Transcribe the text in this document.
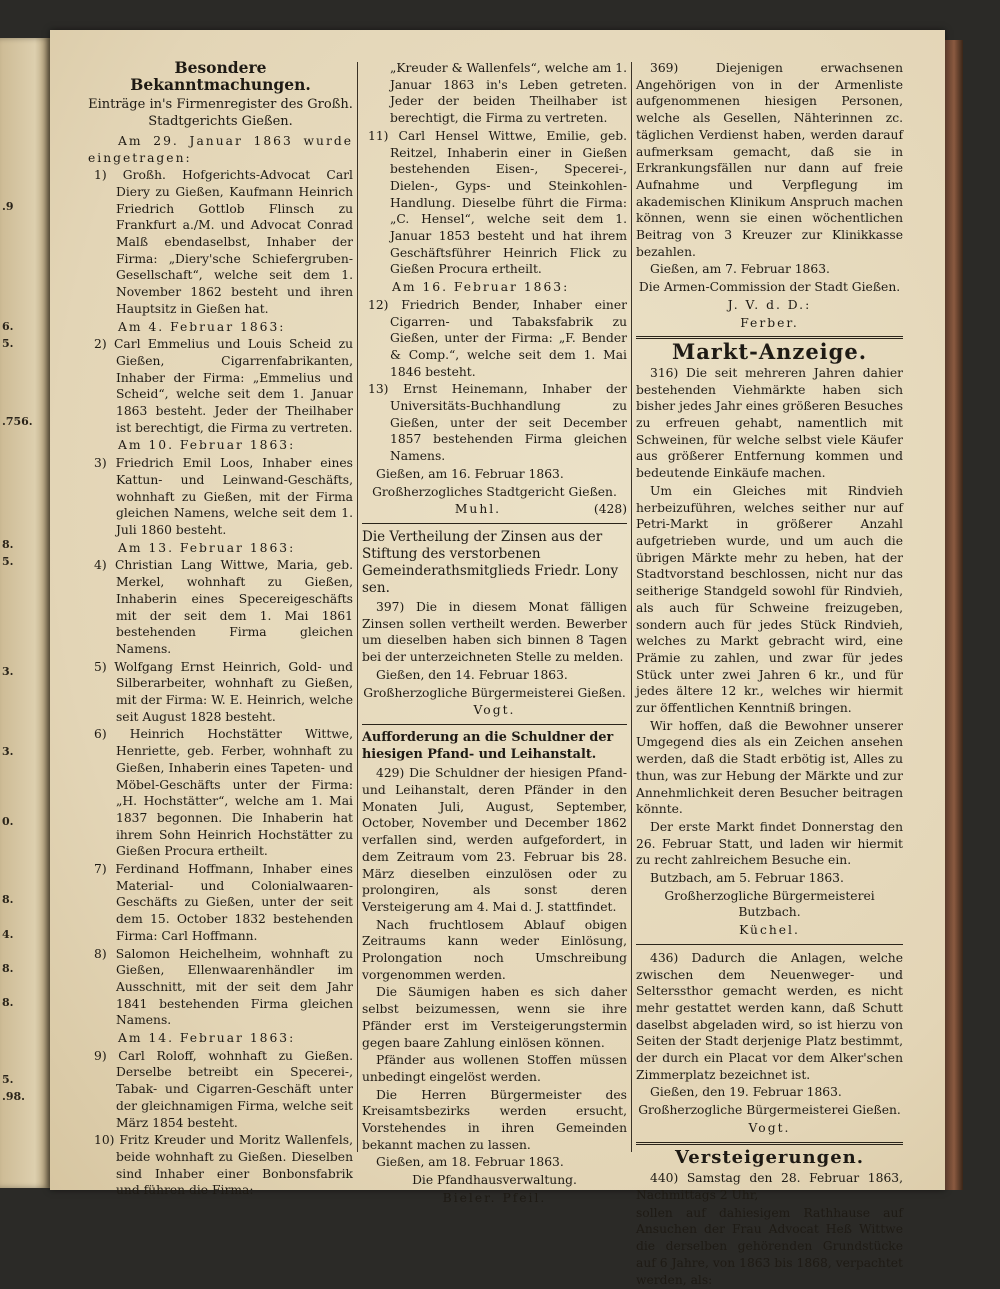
.9
6.
5.
.756.
8.
5.
3.
3.
0.
8.
4.
8.
8.
5.
.98.
Besondere Bekanntmachungen.
Einträge in's Firmenregister des Großh. Stadtgerichts Gießen.

Am 29. Januar 1863 wurde eingetragen:

1) Großh. Hofgerichts-Advocat Carl Diery zu Gießen, Kaufmann Heinrich Friedrich Gottlob Flinsch zu Frankfurt a./M. und Advocat Conrad Malß ebendaselbst, Inhaber der Firma: „Diery'sche Schiefergruben-Gesellschaft“, welche seit dem 1. November 1862 besteht und ihren Hauptsitz in Gießen hat.

Am 4. Februar 1863:

2) Carl Emmelius und Louis Scheid zu Gießen, Cigarrenfabrikanten, Inhaber der Firma: „Emmelius und Scheid“, welche seit dem 1. Januar 1863 besteht. Jeder der Theilhaber ist berechtigt, die Firma zu vertreten.

Am 10. Februar 1863:

3) Friedrich Emil Loos, Inhaber eines Kattun- und Leinwand-Geschäfts, wohnhaft zu Gießen, mit der Firma gleichen Namens, welche seit dem 1. Juli 1860 besteht.

Am 13. Februar 1863:

4) Christian Lang Wittwe, Maria, geb. Merkel, wohnhaft zu Gießen, Inhaberin eines Specereigeschäfts mit der seit dem 1. Mai 1861 bestehenden Firma gleichen Namens.

5) Wolfgang Ernst Heinrich, Gold- und Silberarbeiter, wohnhaft zu Gießen, mit der Firma: W. E. Heinrich, welche seit August 1828 besteht.

6) Heinrich Hochstätter Wittwe, Henriette, geb. Ferber, wohnhaft zu Gießen, Inhaberin eines Tapeten- und Möbel-Geschäfts unter der Firma: „H. Hochstätter“, welche am 1. Mai 1837 begonnen. Die Inhaberin hat ihrem Sohn Heinrich Hochstätter zu Gießen Procura ertheilt.

7) Ferdinand Hoffmann, Inhaber eines Material- und Colonialwaaren-Geschäfts zu Gießen, unter der seit dem 15. October 1832 bestehenden Firma: Carl Hoffmann.

8) Salomon Heichelheim, wohnhaft zu Gießen, Ellenwaarenhändler im Ausschnitt, mit der seit dem Jahr 1841 bestehenden Firma gleichen Namens.

Am 14. Februar 1863:

9) Carl Roloff, wohnhaft zu Gießen. Derselbe betreibt ein Specerei-, Tabak- und Cigarren-Geschäft unter der gleichnamigen Firma, welche seit März 1854 besteht.

10) Fritz Kreuder und Moritz Wallenfels, beide wohnhaft zu Gießen. Dieselben sind Inhaber einer Bonbonsfabrik und führen die Firma:

„Kreuder & Wallenfels“, welche am 1. Januar 1863 in's Leben getreten. Jeder der beiden Theilhaber ist berechtigt, die Firma zu vertreten.

11) Carl Hensel Wittwe, Emilie, geb. Reitzel, Inhaberin einer in Gießen bestehenden Eisen-, Specerei-, Dielen-, Gyps- und Steinkohlen-Handlung. Dieselbe führt die Firma: „C. Hensel“, welche seit dem 1. Januar 1853 besteht und hat ihrem Geschäftsführer Heinrich Flick zu Gießen Procura ertheilt.

Am 16. Februar 1863:

12) Friedrich Bender, Inhaber einer Cigarren- und Tabaksfabrik zu Gießen, unter der Firma: „F. Bender & Comp.“, welche seit dem 1. Mai 1846 besteht.

13) Ernst Heinemann, Inhaber der Universitäts-Buchhandlung zu Gießen, unter der seit December 1857 bestehenden Firma gleichen Namens.

Gießen, am 16. Februar 1863.

Großherzogliches Stadtgericht Gießen.

Muhl.	(428)

Die Vertheilung der Zinsen aus der Stiftung des verstorbenen Gemeinderathsmitglieds Friedr. Lony sen.

397) Die in diesem Monat fälligen Zinsen sollen vertheilt werden. Bewerber um dieselben haben sich binnen 8 Tagen bei der unterzeichneten Stelle zu melden.

Gießen, den 14. Februar 1863.

Großherzogliche Bürgermeisterei Gießen.

Vogt.

Aufforderung an die Schuldner der hiesigen Pfand- und Leihanstalt.

429) Die Schuldner der hiesigen Pfand- und Leihanstalt, deren Pfänder in den Monaten Juli, August, September, October, November und December 1862 verfallen sind, werden aufgefordert, in dem Zeitraum vom 23. Februar bis 28. März dieselben einzulösen oder zu prolongiren, als sonst deren Versteigerung am 4. Mai d. J. stattfindet.

Nach fruchtlosem Ablauf obigen Zeitraums kann weder Einlösung, Prolongation noch Umschreibung vorgenommen werden.

Die Säumigen haben es sich daher selbst beizumessen, wenn sie ihre Pfänder erst im Versteigerungstermin gegen baare Zahlung einlösen können.

Pfänder aus wollenen Stoffen müssen unbedingt eingelöst werden.

Die Herren Bürgermeister des Kreisamtsbezirks werden ersucht, Vorstehendes in ihren Gemeinden bekannt machen zu lassen.

Gießen, am 18. Februar 1863.

Die Pfandhausverwaltung.

Bieler. Pfeil.

369) Diejenigen erwachsenen Angehörigen von in der Armenliste aufgenommenen hiesigen Personen, welche als Gesellen, Nähterinnen zc. täglichen Verdienst haben, werden darauf aufmerksam gemacht, daß sie in Erkrankungsfällen nur dann auf freie Aufnahme und Verpflegung im akademischen Klinikum Anspruch machen können, wenn sie einen wöchentlichen Beitrag von 3 Kreuzer zur Klinikkasse bezahlen.

Gießen, am 7. Februar 1863.

Die Armen-Commission der Stadt Gießen.

J. V. d. D.:

Ferber.

Markt-Anzeige.

316) Die seit mehreren Jahren dahier bestehenden Viehmärkte haben sich bisher jedes Jahr eines größeren Besuches zu erfreuen gehabt, namentlich mit Schweinen, für welche selbst viele Käufer aus größerer Entfernung kommen und bedeutende Einkäufe machen.

Um ein Gleiches mit Rindvieh herbeizuführen, welches seither nur auf Petri-Markt in größerer Anzahl aufgetrieben wurde, und um auch die übrigen Märkte mehr zu heben, hat der Stadtvorstand beschlossen, nicht nur das seitherige Standgeld sowohl für Rindvieh, als auch für Schweine freizugeben, sondern auch für jedes Stück Rindvieh, welches zu Markt gebracht wird, eine Prämie zu zahlen, und zwar für jedes Stück unter zwei Jahren 6 kr., und für jedes ältere 12 kr., welches wir hiermit zur öffentlichen Kenntniß bringen.

Wir hoffen, daß die Bewohner unserer Umgegend dies als ein Zeichen ansehen werden, daß die Stadt erbötig ist, Alles zu thun, was zur Hebung der Märkte und zur Annehmlichkeit deren Besucher beitragen könnte.

Der erste Markt findet Donnerstag den 26. Februar Statt, und laden wir hiermit zu recht zahlreichem Besuche ein.

Butzbach, am 5. Februar 1863.

Großherzogliche Bürgermeisterei Butzbach.

Küchel.

436) Dadurch die Anlagen, welche zwischen dem Neuenweger- und Selterssthor gemacht werden, es nicht mehr gestattet werden kann, daß Schutt daselbst abgeladen wird, so ist hierzu von Seiten der Stadt derjenige Platz bestimmt, der durch ein Placat vor dem Alker'schen Zimmerplatz bezeichnet ist.

Gießen, den 19. Februar 1863.

Großherzogliche Bürgermeisterei Gießen.

Vogt.

Versteigerungen.

440) Samstag den 28. Februar 1863, Nachmittags 2 Uhr,

sollen auf dahiesigem Rathhause auf Ansuchen der Frau Advocat Heß Wittwe die derselben gehörenden Grundstücke auf 6 Jahre, von 1863 bis 1868, verpachtet werden, als:
